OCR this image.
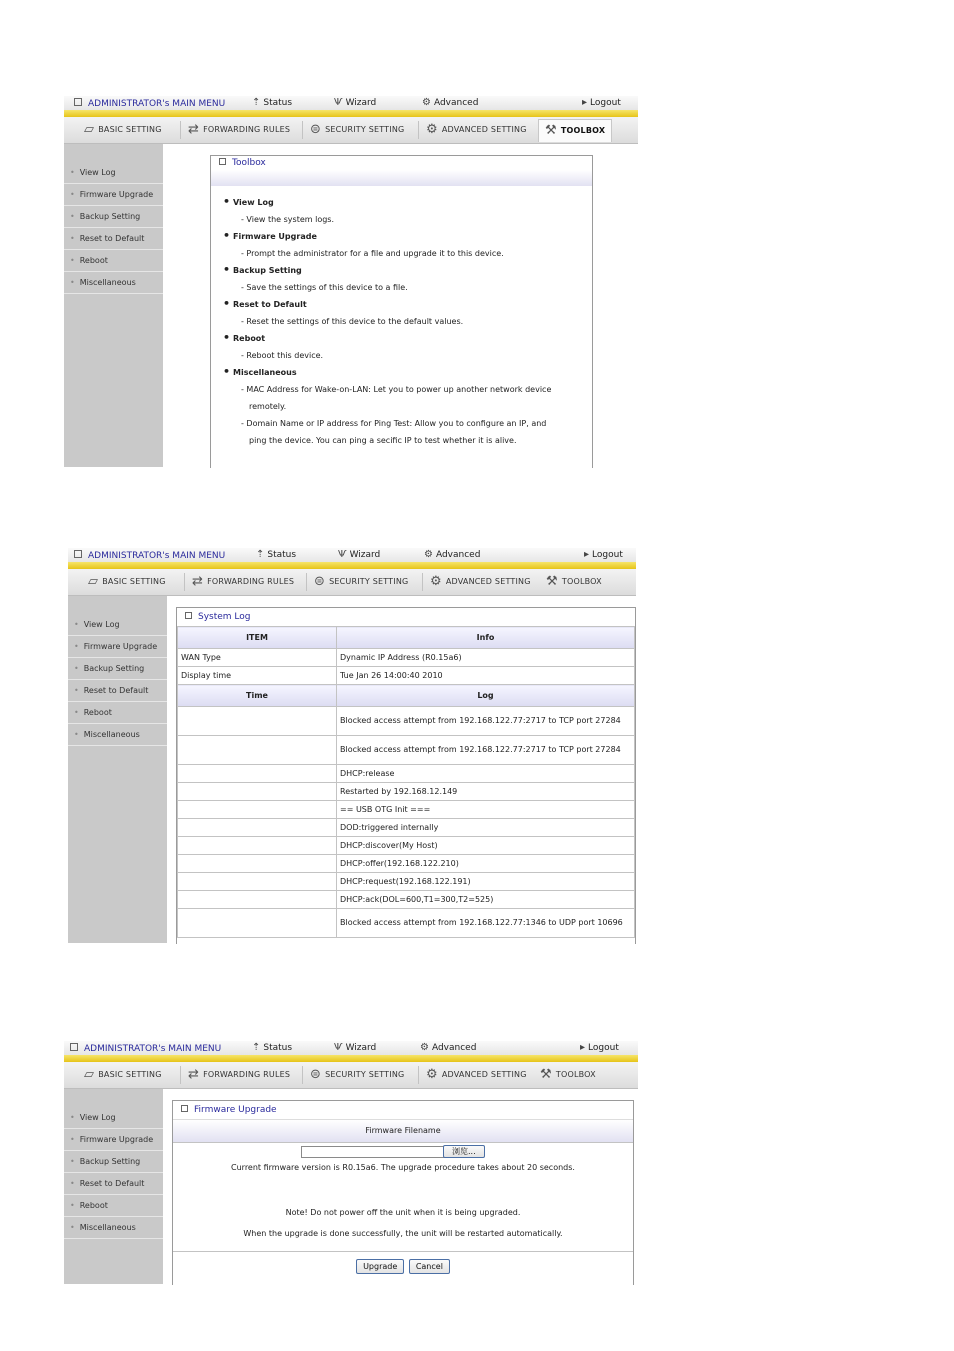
ADMINISTRATOR's MAIN MENU	⇡ Status	Ѱ Wizard	⚙ Advanced	▸ Logout
▱ BASIC SETTING ⇄ FORWARDING RULES ⊜ SECURITY SETTING ⚙ ADVANCED SETTING	⚒ TOOLBOX
• View Log
• Firmware Upgrade
• Backup Setting
• Reset to Default
• Reboot
• Miscellaneous
Toolbox
• View Log
- View the system logs.
• Firmware Upgrade
- Prompt the administrator for a file and upgrade it to this device.
• Backup Setting
- Save the settings of this device to a file.
• Reset to Default
- Reset the settings of this device to the default values.
• Reboot
- Reboot this device.
• Miscellaneous
- MAC Address for Wake-on-LAN: Let you to power up another network device
remotely.
- Domain Name or IP address for Ping Test: Allow you to configure an IP, and
ping the device. You can ping a secific IP to test whether it is alive.
ADMINISTRATOR's MAIN MENU	⇡ Status	Ѱ Wizard	⚙ Advanced	▸ Logout
▱ BASIC SETTING ⇄ FORWARDING RULES ⊜ SECURITY SETTING ⚙ ADVANCED SETTING ⚒ TOOLBOX
• View Log
• Firmware Upgrade
• Backup Setting
• Reset to Default
• Reboot
• Miscellaneous
System Log
ITEM	Info
WAN Type	Dynamic IP Address (R0.15a6)
Display time	Tue Jan 26 14:00:40 2010
Time	Log
	Blocked access attempt from 192.168.122.77:2717 to TCP port 27284
	Blocked access attempt from 192.168.122.77:2717 to TCP port 27284
	DHCP:release
	Restarted by 192.168.12.149
	== USB OTG Init ===
	DOD:triggered internally
	DHCP:discover(My Host)
	DHCP:offer(192.168.122.210)
	DHCP:request(192.168.122.191)
	DHCP:ack(DOL=600,T1=300,T2=525)
	Blocked access attempt from 192.168.122.77:1346 to UDP port 10696
ADMINISTRATOR's MAIN MENU	⇡ Status	Ѱ Wizard	⚙ Advanced	▸ Logout
▱ BASIC SETTING ⇄ FORWARDING RULES ⊜ SECURITY SETTING ⚙ ADVANCED SETTING ⚒ TOOLBOX
• View Log
• Firmware Upgrade
• Backup Setting
• Reset to Default
• Reboot
• Miscellaneous
Firmware Upgrade
Firmware Filename
浏览...
Current firmware version is R0.15a6. The upgrade procedure takes about 20 seconds.
Note! Do not power off the unit when it is being upgraded.
When the upgrade is done successfully, the unit will be restarted automatically.
Upgrade Cancel
